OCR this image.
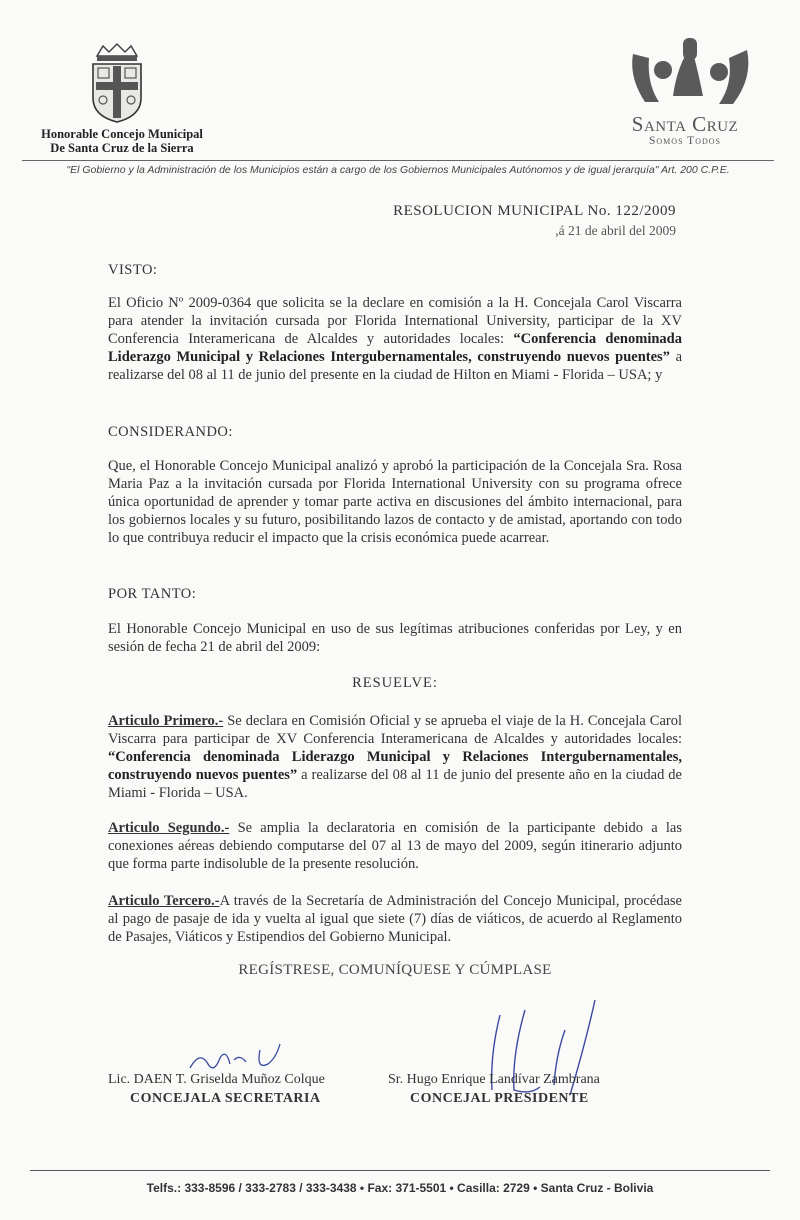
Honorable Concejo Municipal
De Santa Cruz de la Sierra
Santa Cruz
Somos Todos
"El Gobierno y la Administración de los Municipios están a cargo de los Gobiernos Municipales Autónomos y de igual jerarquía" Art. 200 C.P.E.
RESOLUCION MUNICIPAL No. 122/2009
,á 21 de abril del 2009
VISTO:
El Oficio Nº 2009-0364 que solicita se la declare en comisión a la H. Concejala Carol Viscarra para atender la invitación cursada por Florida International University, participar de la XV Conferencia Interamericana de Alcaldes y autoridades locales: “Conferencia denominada Liderazgo Municipal y Relaciones Intergubernamentales, construyendo nuevos puentes” a realizarse del 08 al 11 de junio del presente en la ciudad de Hilton en Miami - Florida – USA; y
CONSIDERANDO:
Que, el Honorable Concejo Municipal analizó y aprobó la participación de la Concejala Sra. Rosa Maria Paz a la invitación cursada por Florida International University con su programa ofrece única oportunidad de aprender y tomar parte activa en discusiones del ámbito internacional, para los gobiernos locales y su futuro, posibilitando lazos de contacto y de amistad, aportando con todo lo que contribuya reducir el impacto que la crisis económica puede acarrear.
POR TANTO:
El Honorable Concejo Municipal en uso de sus legítimas atribuciones conferidas por Ley, y en sesión de fecha 21 de abril del 2009:
RESUELVE:
Articulo Primero.- Se declara en Comisión Oficial y se aprueba el viaje de la H. Concejala Carol Viscarra para participar de XV Conferencia Interamericana de Alcaldes y autoridades locales: “Conferencia denominada Liderazgo Municipal y Relaciones Intergubernamentales, construyendo nuevos puentes” a realizarse del 08 al 11 de junio del presente año en la ciudad de Miami - Florida – USA.
Articulo Segundo.- Se amplia la declaratoria en comisión de la participante debido a las conexiones aéreas debiendo computarse del 07 al 13 de mayo del 2009, según itinerario adjunto que forma parte indisoluble de la presente resolución.
Articulo Tercero.-A través de la Secretaría de Administración del Concejo Municipal, procédase al pago de pasaje de ida y vuelta al igual que siete (7) días de viáticos, de acuerdo al Reglamento de Pasajes, Viáticos y Estipendios del Gobierno Municipal.
REGÍSTRESE, COMUNÍQUESE Y CÚMPLASE
Lic. DAEN T. Griselda Muñoz Colque
CONCEJALA SECRETARIA
Sr. Hugo Enrique Landívar Zambrana
CONCEJAL PRESIDENTE
Telfs.: 333-8596 / 333-2783 / 333-3438 • Fax: 371-5501 • Casilla: 2729 • Santa Cruz - Bolivia
